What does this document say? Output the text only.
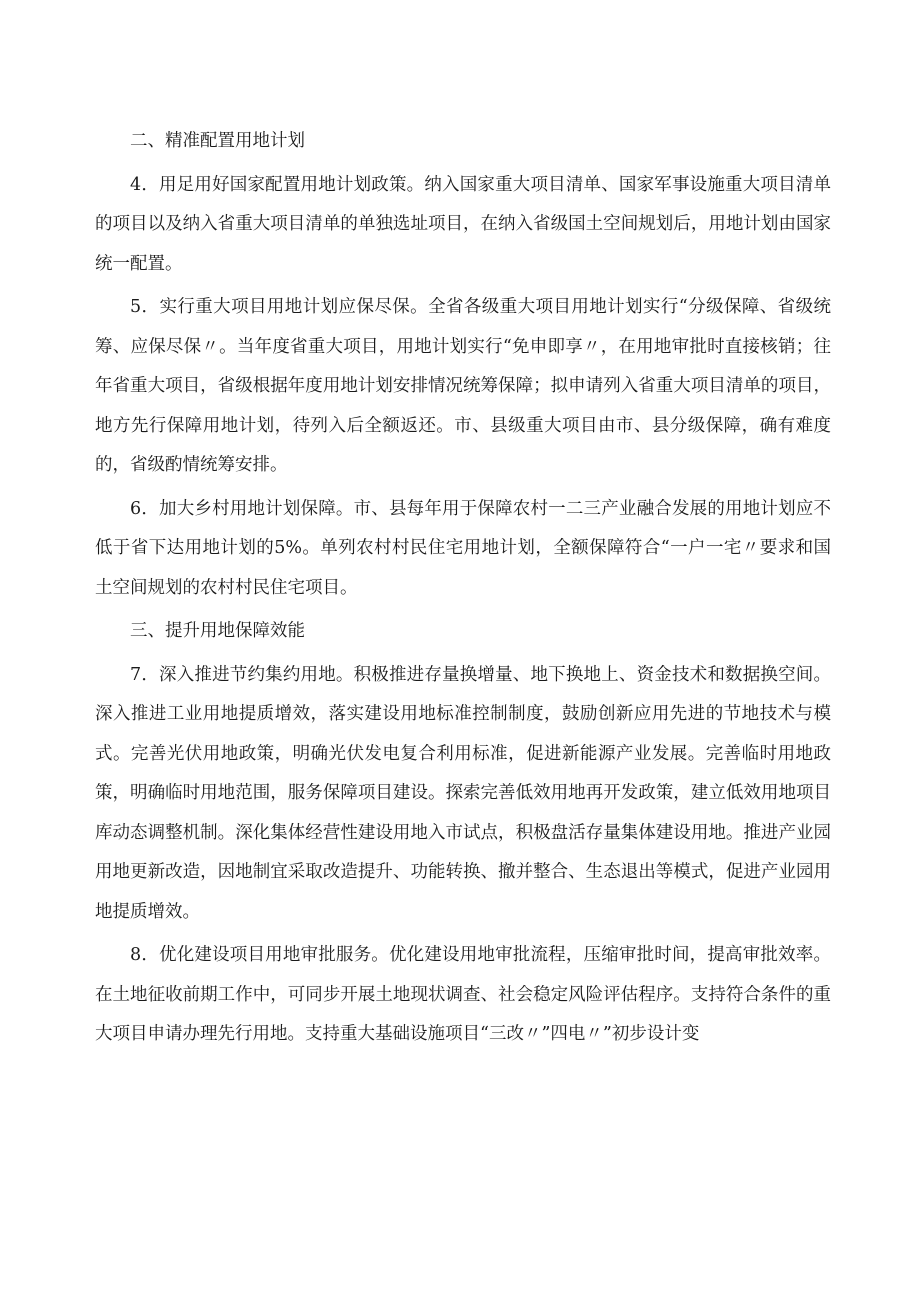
二、精准配置用地计划

4．用足用好国家配置用地计划政策。纳入国家重大项目清单、国家军事设施重大项目清单的项目以及纳入省重大项目清单的单独选址项目，在纳入省级国土空间规划后，用地计划由国家统一配置。

5．实行重大项目用地计划应保尽保。全省各级重大项目用地计划实行“分级保障、省级统筹、应保尽保〃。当年度省重大项目，用地计划实行“免申即享〃，在用地审批时直接核销；往年省重大项目，省级根据年度用地计划安排情况统筹保障；拟申请列入省重大项目清单的项目，地方先行保障用地计划，待列入后全额返还。市、县级重大项目由市、县分级保障，确有难度的，省级酌情统筹安排。

6．加大乡村用地计划保障。市、县每年用于保障农村一二三产业融合发展的用地计划应不低于省下达用地计划的5%。单列农村村民住宅用地计划，全额保障符合“一户一宅〃要求和国土空间规划的农村村民住宅项目。

三、提升用地保障效能

7．深入推进节约集约用地。积极推进存量换增量、地下换地上、资金技术和数据换空间。深入推进工业用地提质增效，落实建设用地标准控制制度，鼓励创新应用先进的节地技术与模式。完善光伏用地政策，明确光伏发电复合利用标准，促进新能源产业发展。完善临时用地政策，明确临时用地范围，服务保障项目建设。探索完善低效用地再开发政策，建立低效用地项目库动态调整机制。深化集体经营性建设用地入市试点，积极盘活存量集体建设用地。推进产业园用地更新改造，因地制宜采取改造提升、功能转换、撤并整合、生态退出等模式，促进产业园用地提质增效。

8．优化建设项目用地审批服务。优化建设用地审批流程，压缩审批时间，提高审批效率。在土地征收前期工作中，可同步开展土地现状调查、社会稳定风险评估程序。支持符合条件的重大项目申请办理先行用地。支持重大基础设施项目“三改〃”四电〃”初步设计变
